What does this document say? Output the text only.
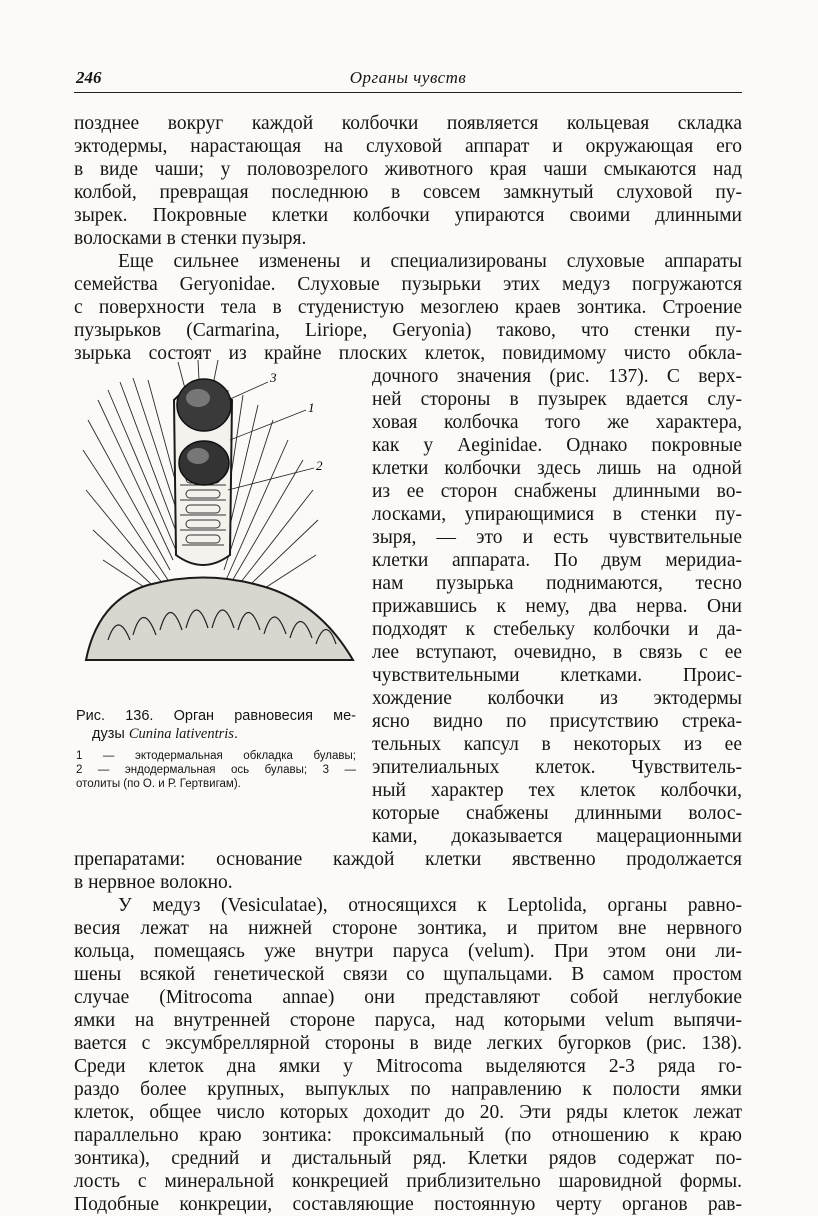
246	Органы чувств
позднее вокруг каждой колбочки появляется кольцевая складка
эктодермы, нарастающая на слуховой аппарат и окружающая его
в виде чаши; у половозрелого животного края чаши смыкаются над
колбой, превращая последнюю в совсем замкнутый слуховой пу-
зырек. Покровные клетки колбочки упираются своими длинными
волосками в стенки пузыря.
Еще сильнее изменены и специализированы слуховые аппараты
семейства Geryonidae. Слуховые пузырьки этих медуз погружаются
с поверхности тела в студенистую мезоглею краев зонтика. Строение
пузырьков (Carmarina, Liriope, Geryonia) таково, что стенки пу-
зырька состоят из крайне плоских клеток, повидимому чисто обкла-
дочного значения (рис. 137). С верх-
ней стороны в пузырек вдается слу-
ховая колбочка того же характера,
как у Aeginidae. Однако покровные
клетки колбочки здесь лишь на одной
из ее сторон снабжены длинными во-
лосками, упирающимися в стенки пу-
зыря, — это и есть чувствительные
клетки аппарата. По двум меридиа-
нам пузырька поднимаются, тесно
прижавшись к нему, два нерва. Они
подходят к стебельку колбочки и да-
лее вступают, очевидно, в связь с ее
чувствительными клетками. Проис-
хождение колбочки из эктодермы
ясно видно по присутствию стрека-
тельных капсул в некоторых из ее
эпителиальных клеток. Чувствитель-
ный характер тех клеток колбочки,
которые снабжены длинными волос-
ками, доказывается мацерационными
препаратами: основание каждой клетки явственно продолжается
в нервное волокно.
У медуз (Vesiculatae), относящихся к Leptolida, органы равно-
весия лежат на нижней стороне зонтика, и притом вне нервного
кольца, помещаясь уже внутри паруса (velum). При этом они ли-
шены всякой генетической связи со щупальцами. В самом простом
случае (Mitrocoma annae) они представляют собой неглубокие
ямки на внутренней стороне паруса, над которыми velum выпячи-
вается с эксумбреллярной стороны в виде легких бугорков (рис. 138).
Среди клеток дна ямки у Mitrocoma выделяются 2-3 ряда го-
раздо более крупных, выпуклых по направлению к полости ямки
клеток, общее число которых доходит до 20. Эти ряды клеток лежат
параллельно краю зонтика: проксимальный (по отношению к краю
зонтика), средний и дистальный ряд. Клетки рядов содержат по-
лость с минеральной конкрецией приблизительно шаровидной формы.
Подобные конкреции, составляющие постоянную черту органов рав-
3
1
2
Рис. 136. Орган равновесия ме-
дузы Cunina lativentris.
1 — эктодермальная обкладка булавы;
2 — эндодермальная ось булавы; 3 —
отолиты (по О. и Р. Гертвигам).
